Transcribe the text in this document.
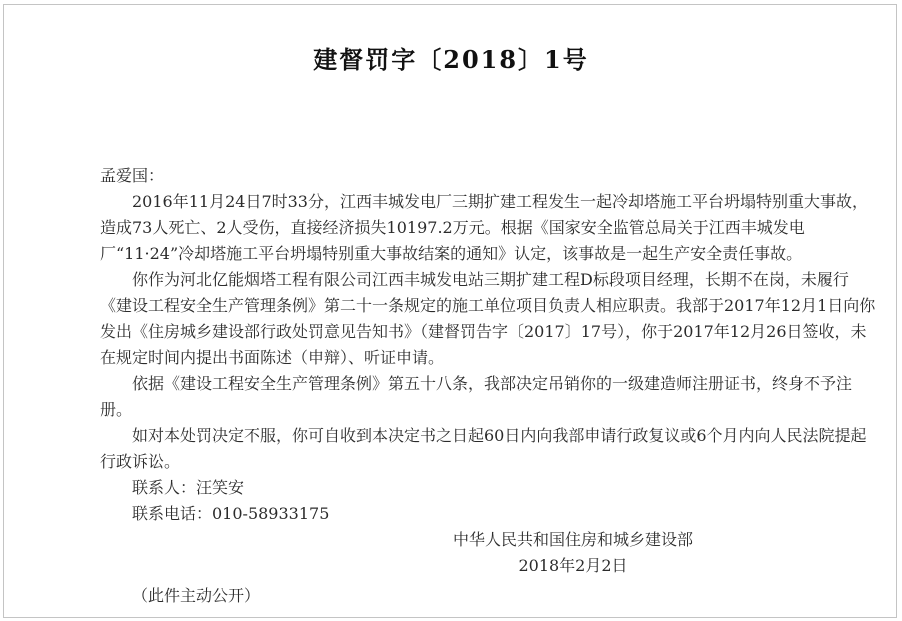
建督罚字〔2018〕1号

孟爱国：

2016年11月24日7时33分，江西丰城发电厂三期扩建工程发生一起冷却塔施工平台坍塌特别重大事故，造成73人死亡、2人受伤，直接经济损失10197.2万元。根据《国家安全监管总局关于江西丰城发电厂“11·24”冷却塔施工平台坍塌特别重大事故结案的通知》认定，该事故是一起生产安全责任事故。

你作为河北亿能烟塔工程有限公司江西丰城发电站三期扩建工程D标段项目经理，长期不在岗，未履行《建设工程安全生产管理条例》第二十一条规定的施工单位项目负责人相应职责。我部于2017年12月1日向你发出《住房城乡建设部行政处罚意见告知书》（建督罚告字〔2017〕17号），你于2017年12月26日签收，未在规定时间内提出书面陈述（申辩）、听证申请。

依据《建设工程安全生产管理条例》第五十八条，我部决定吊销你的一级建造师注册证书，终身不予注册。

如对本处罚决定不服，你可自收到本决定书之日起60日内向我部申请行政复议或6个月内向人民法院提起行政诉讼。

联系人：汪笑安

联系电话：010-58933175

中华人民共和国住房和城乡建设部

2018年2月2日

（此件主动公开）
